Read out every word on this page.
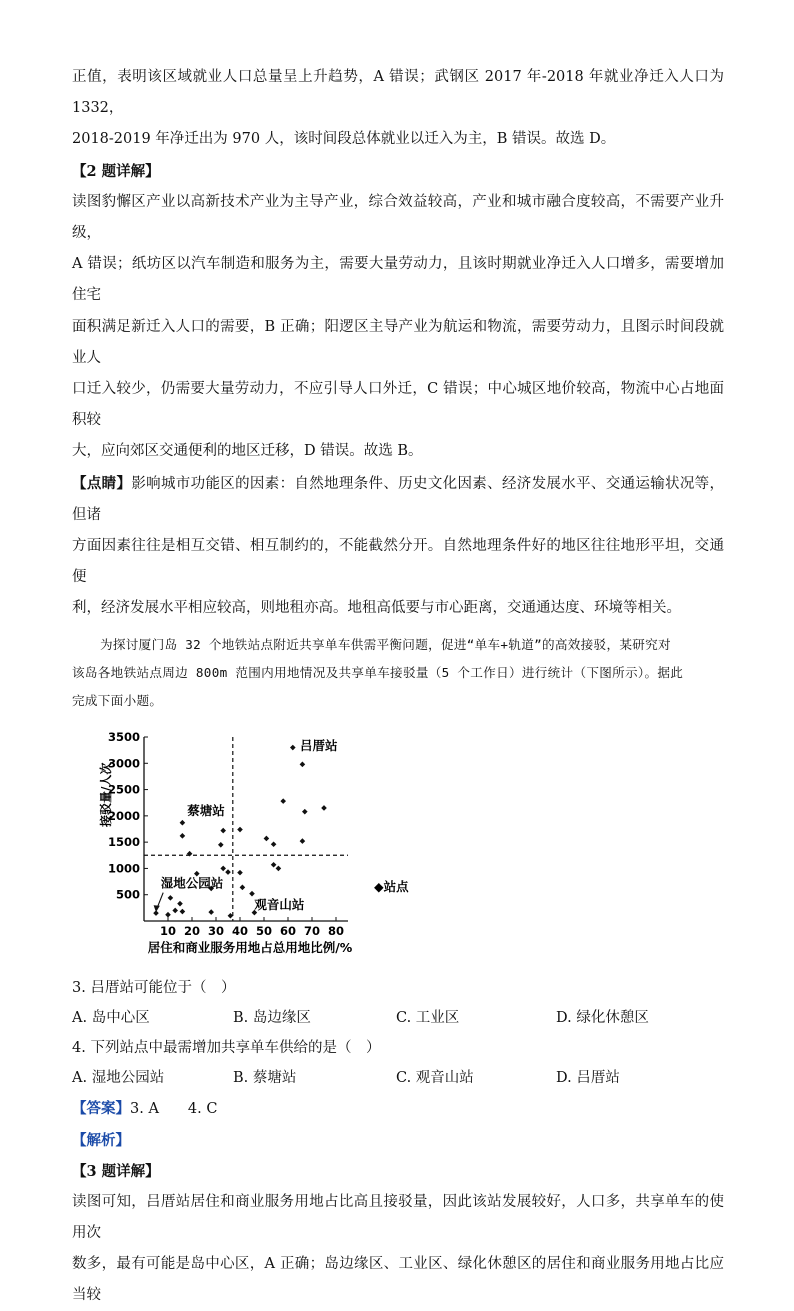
正值，表明该区域就业人口总量呈上升趋势，A 错误；武钢区 2017 年-2018 年就业净迁入人口为 1332，

2018-2019 年净迁出为 970 人，该时间段总体就业以迁入为主，B 错误。故选 D。

【2 题详解】

读图豹懈区产业以高新技术产业为主导产业，综合效益较高，产业和城市融合度较高，不需要产业升级，

A 错误；纸坊区以汽车制造和服务为主，需要大量劳动力，且该时期就业净迁入人口增多，需要增加住宅

面积满足新迁入人口的需要，B 正确；阳逻区主导产业为航运和物流，需要劳动力，且图示时间段就业人

口迁入较少，仍需要大量劳动力，不应引导人口外迁，C 错误；中心城区地价较高，物流中心占地面积较

大，应向郊区交通便利的地区迁移，D 错误。故选 B。

【点睛】影响城市功能区的因素：自然地理条件、历史文化因素、经济发展水平、交通运输状况等，但诸

方面因素往往是相互交错、相互制约的，不能截然分开。自然地理条件好的地区往往地形平坦，交通便

利，经济发展水平相应较高，则地租亦高。地租高低要与市心距离，交通通达度、环境等相关。

为探讨厦门岛 32 个地铁站点附近共享单车供需平衡问题，促进“单车+轨道”的高效接驳，某研究对

该岛各地铁站点周边 800m 范围内用地情况及共享单车接驳量（5 个工作日）进行统计（下图所示）。据此

完成下面小题。

500
1000
1500
2000
2500
3000
3500
10 20 30 40 50 60 70 80
吕厝站
蔡塘站
湿地公园站
观音山站
接驳量/人次
居住和商业服务用地占总用地比例/%
◆站点

3. 吕厝站可能位于（　）

A. 岛中心区	B. 岛边缘区	C. 工业区	D. 绿化休憩区

4. 下列站点中最需增加共享单车供给的是（　）

A. 湿地公园站	B. 蔡塘站	C. 观音山站	D. 吕厝站

【答案】3. A　　4. C

【解析】

【3 题详解】

读图可知，吕厝站居住和商业服务用地占比高且接驳量，因此该站发展较好，人口多，共享单车的使用次

数多，最有可能是岛中心区，A 正确；岛边缘区、工业区、绿化休憩区的居住和商业服务用地占比应当较
